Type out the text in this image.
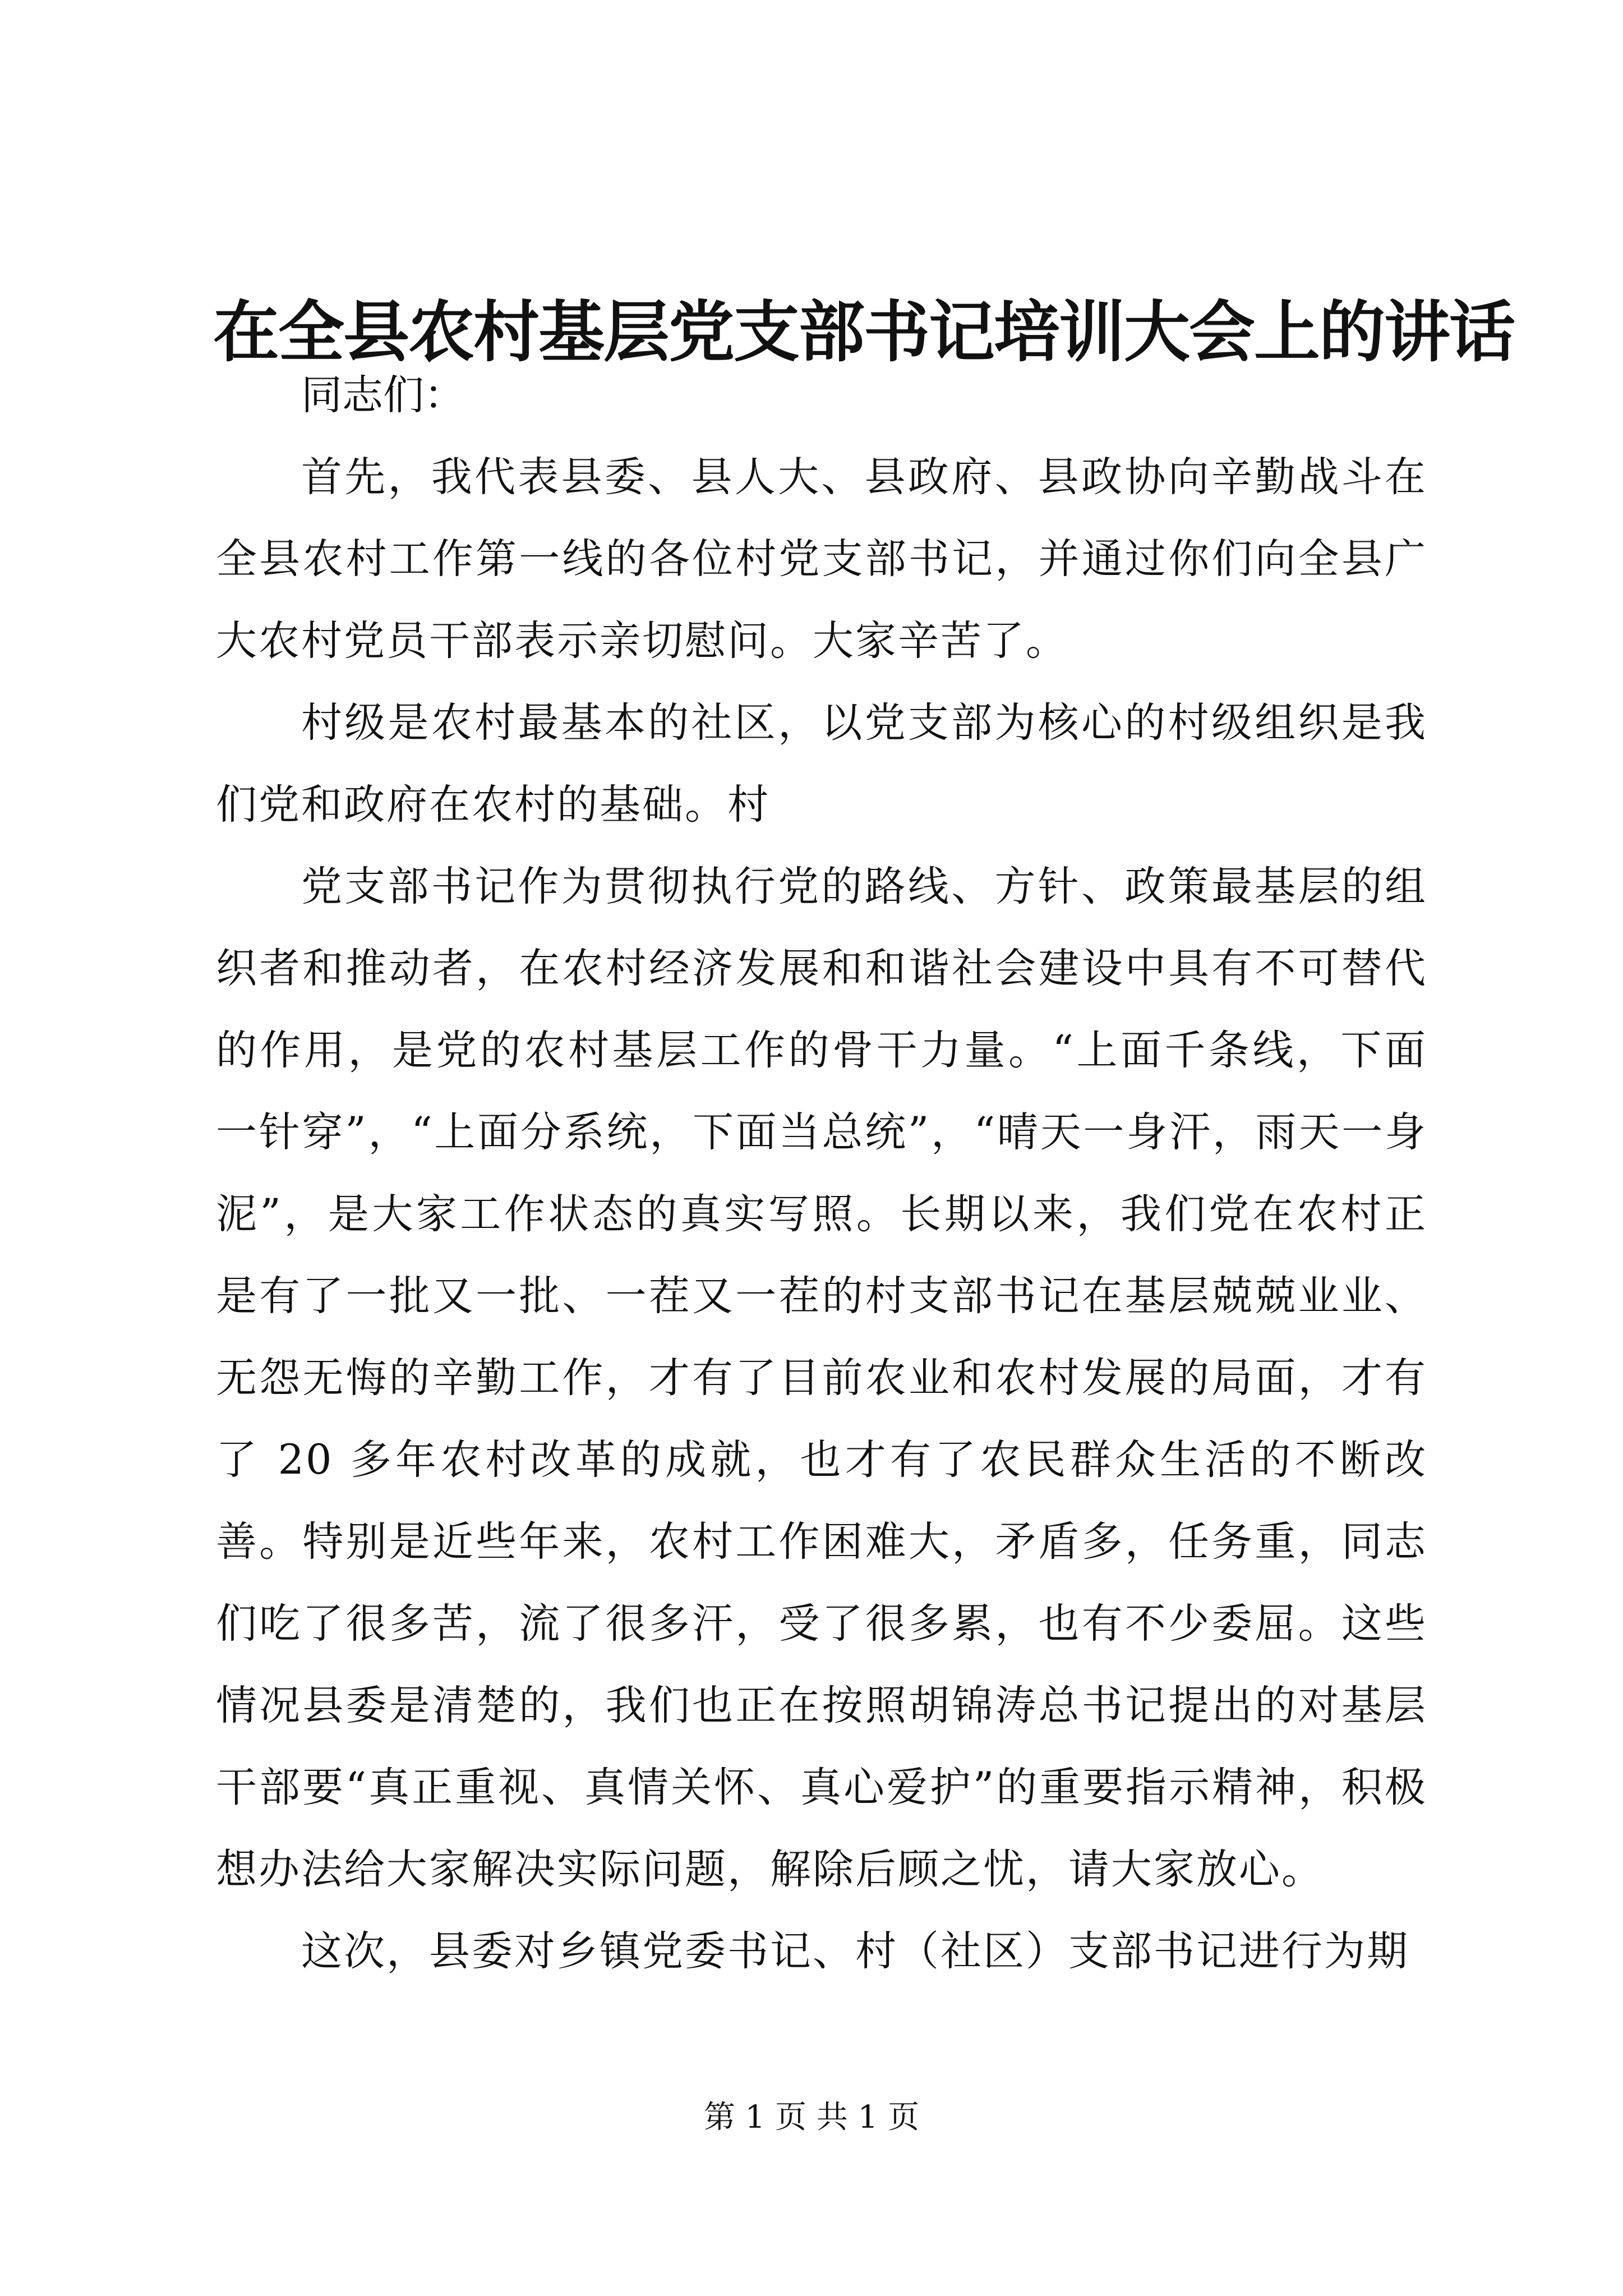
在全县农村基层党支部书记培训大会上的讲话

同志们：

首先，我代表县委、县人大、县政府、县政协向辛勤战斗在全县农村工作第一线的各位村党支部书记，并通过你们向全县广大农村党员干部表示亲切慰问。大家辛苦了。

村级是农村最基本的社区，以党支部为核心的村级组织是我们党和政府在农村的基础。村

党支部书记作为贯彻执行党的路线、方针、政策最基层的组织者和推动者，在农村经济发展和和谐社会建设中具有不可替代的作用，是党的农村基层工作的骨干力量。“上面千条线，下面一针穿”，“上面分系统，下面当总统”，“晴天一身汗，雨天一身泥”，是大家工作状态的真实写照。长期以来，我们党在农村正是有了一批又一批、一茬又一茬的村支部书记在基层兢兢业业、无怨无悔的辛勤工作，才有了目前农业和农村发展的局面，才有了 20 多年农村改革的成就，也才有了农民群众生活的不断改善。特别是近些年来，农村工作困难大，矛盾多，任务重，同志们吃了很多苦，流了很多汗，受了很多累，也有不少委屈。这些情况县委是清楚的，我们也正在按照胡锦涛总书记提出的对基层干部要“真正重视、真情关怀、真心爱护”的重要指示精神，积极想办法给大家解决实际问题，解除后顾之忧，请大家放心。

这次，县委对乡镇党委书记、村（社区）支部书记进行为期

第 1 页 共 1 页
